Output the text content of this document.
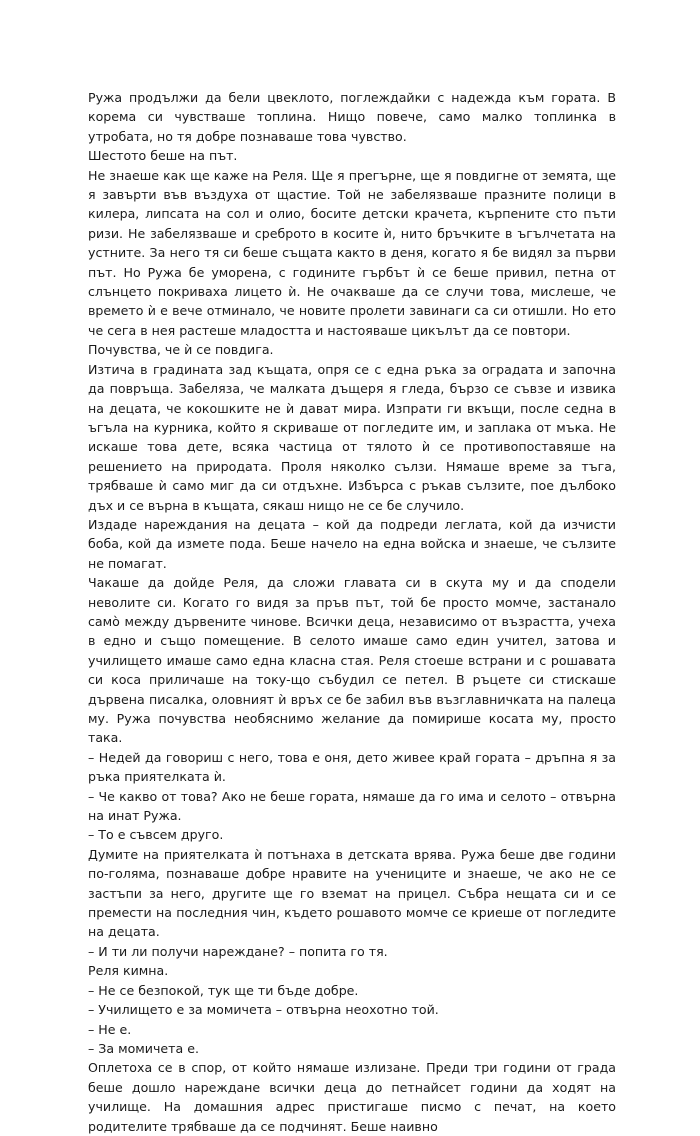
Ружа продължи да бели цвеклото, поглеждайки с надежда към гората. В корема си чувстваше топлина. Нищо повече, само малко топлинка в утробата, но тя добре познаваше това чувство.

Шестото беше на път.

Не знаеше как ще каже на Реля. Ще я прегърне, ще я повдигне от земята, ще я завърти във въздуха от щастие. Той не забелязваше празните полици в килера, липсата на сол и олио, босите детски крачета, кърпените сто пъти ризи. Не забелязваше и среброто в косите ѝ, нито бръчките в ъгълчетата на устните. За него тя си беше същата както в деня, когато я бе видял за първи път. Но Ружа бе уморена, с годините гърбът ѝ се беше привил, петна от слънцето покриваха лицето ѝ. Не очакваше да се случи това, мислеше, че времето ѝ е вече отминало, че новите пролети завинаги са си отишли. Но ето че сега в нея растеше младостта и настояваше цикълът да се повтори.

Почувства, че ѝ се повдига.

Изтича в градината зад къщата, опря се с една ръка за оградата и започна да повръща. Забеляза, че малката дъщеря я гледа, бързо се съвзе и извика на децата, че кокошките не ѝ дават мира. Изпрати ги вкъщи, после седна в ъгъла на курника, който я скриваше от погледите им, и заплака от мъка. Не искаше това дете, всяка частица от тялото ѝ се противопоставяше на решението на природата. Проля няколко сълзи. Нямаше време за тъга, трябваше ѝ само миг да си отдъхне. Избърса с ръкав сълзите, пое дълбоко дъх и се върна в къщата, сякаш нищо не се бе случило.

Издаде нареждания на децата – кой да подреди леглата, кой да изчисти боба, кой да измете пода. Беше начело на една войска и знаеше, че сълзите не помагат.

Чакаше да дойде Реля, да сложи главата си в скута му и да сподели неволите си. Когато го видя за пръв път, той бе просто момче, застанало самò между дървените чинове. Всички деца, независимо от възрастта, учеха в едно и също помещение. В селото имаше само един учител, затова и училището имаше само една класна стая. Реля стоеше встрани и с рошавата си коса приличаше на току-що събудил се петел. В ръцете си стискаше дървена писалка, оловният ѝ връх се бе забил във възглавничката на палеца му. Ружа почувства необяснимо желание да помирише косата му, просто така.

– Недей да говориш с него, това е оня, дето живее край гората – дръпна я за ръка приятелката ѝ.

– Че какво от това? Ако не беше гората, нямаше да го има и селото – отвърна на инат Ружа.

– То е съвсем друго.

Думите на приятелката ѝ потънаха в детската врява. Ружа беше две години по-голяма, познаваше добре нравите на учениците и знаеше, че ако не се застъпи за него, другите ще го вземат на прицел. Събра нещата си и се премести на последния чин, където рошавото момче се криеше от погледите на децата.

– И ти ли получи нареждане? – попита го тя.

Реля кимна.

– Не се безпокой, тук ще ти бъде добре.

– Училището е за момичета – отвърна неохотно той.

– Не е.

– За момичета е.

Оплетоха се в спор, от който нямаше излизане. Преди три години от града беше дошло нареждане всички деца до петнайсет години да ходят на училище. На домашния адрес пристигаше писмо с печат, на което родителите трябваше да се подчинят. Беше наивно
